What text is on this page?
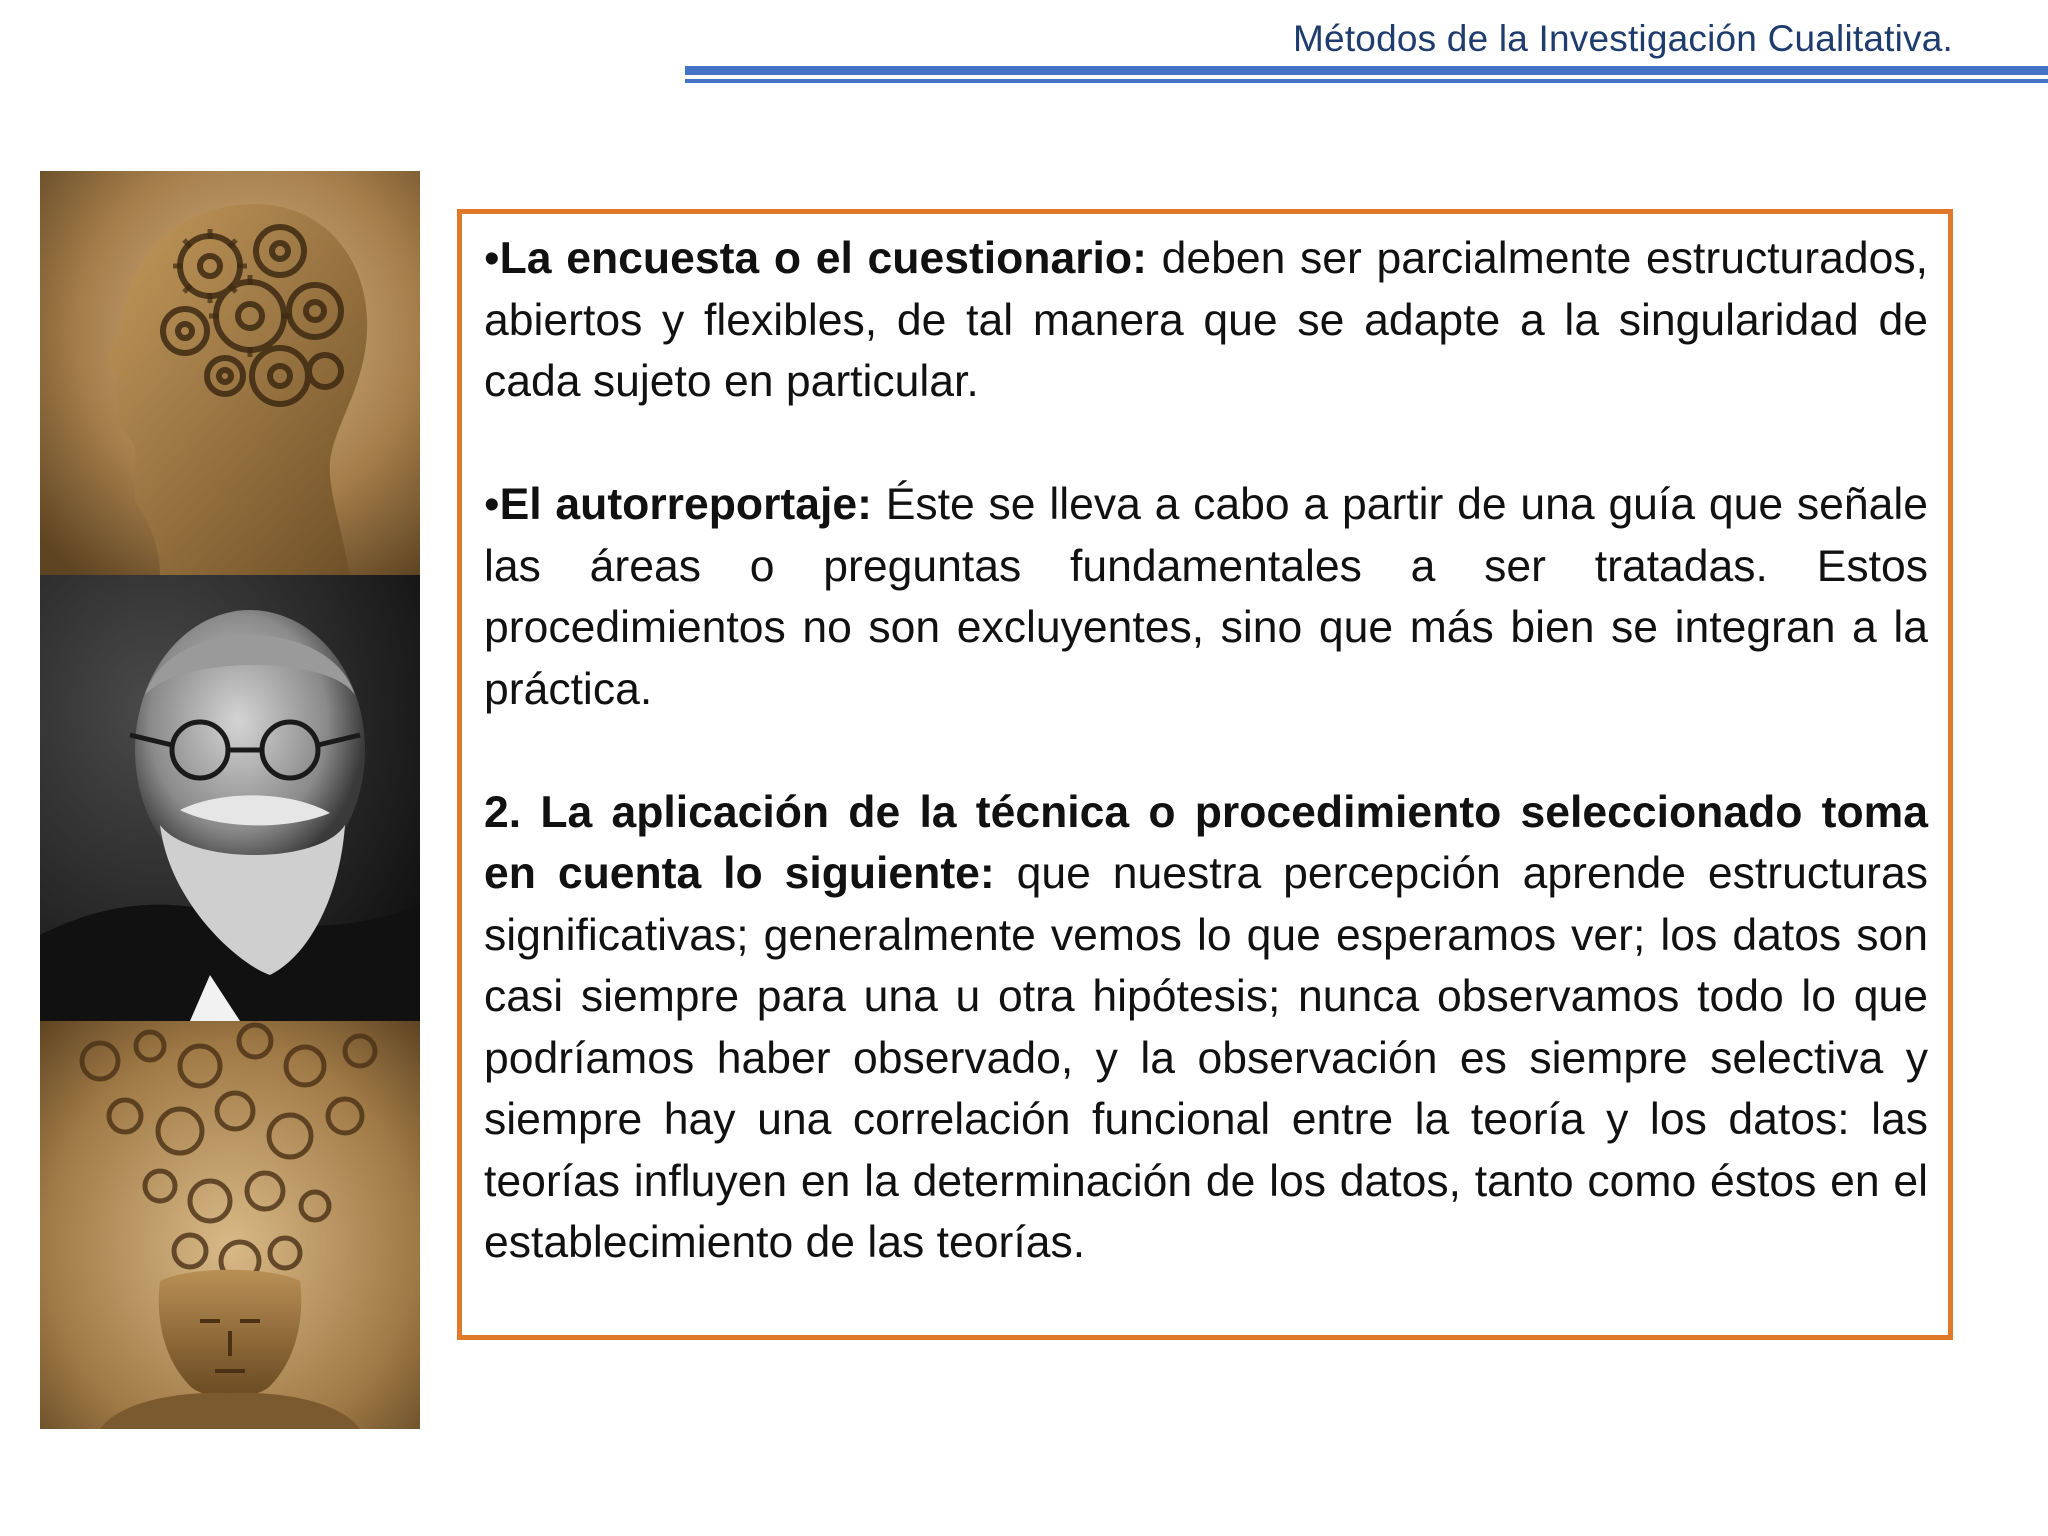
Métodos de la Investigación Cualitativa.

•La encuesta o el cuestionario: deben ser parcialmente estructurados, abiertos y flexibles, de tal manera que se adapte a la singularidad de cada sujeto en particular.

•El autorreportaje: Éste se lleva a cabo a partir de una guía que señale las áreas o preguntas fundamentales a ser tratadas. Estos procedimientos no son excluyentes, sino que más bien se integran a la práctica.

2. La aplicación de la técnica o procedimiento seleccionado toma en cuenta lo siguiente: que nuestra percepción aprende estructuras significativas; generalmente vemos lo que esperamos ver; los datos son casi siempre para una u otra hipótesis; nunca observamos todo lo que podríamos haber observado, y la observación es siempre selectiva y siempre hay una correlación funcional entre la teoría y los datos: las teorías influyen en la determinación de los datos, tanto como éstos en el establecimiento de las teorías.
